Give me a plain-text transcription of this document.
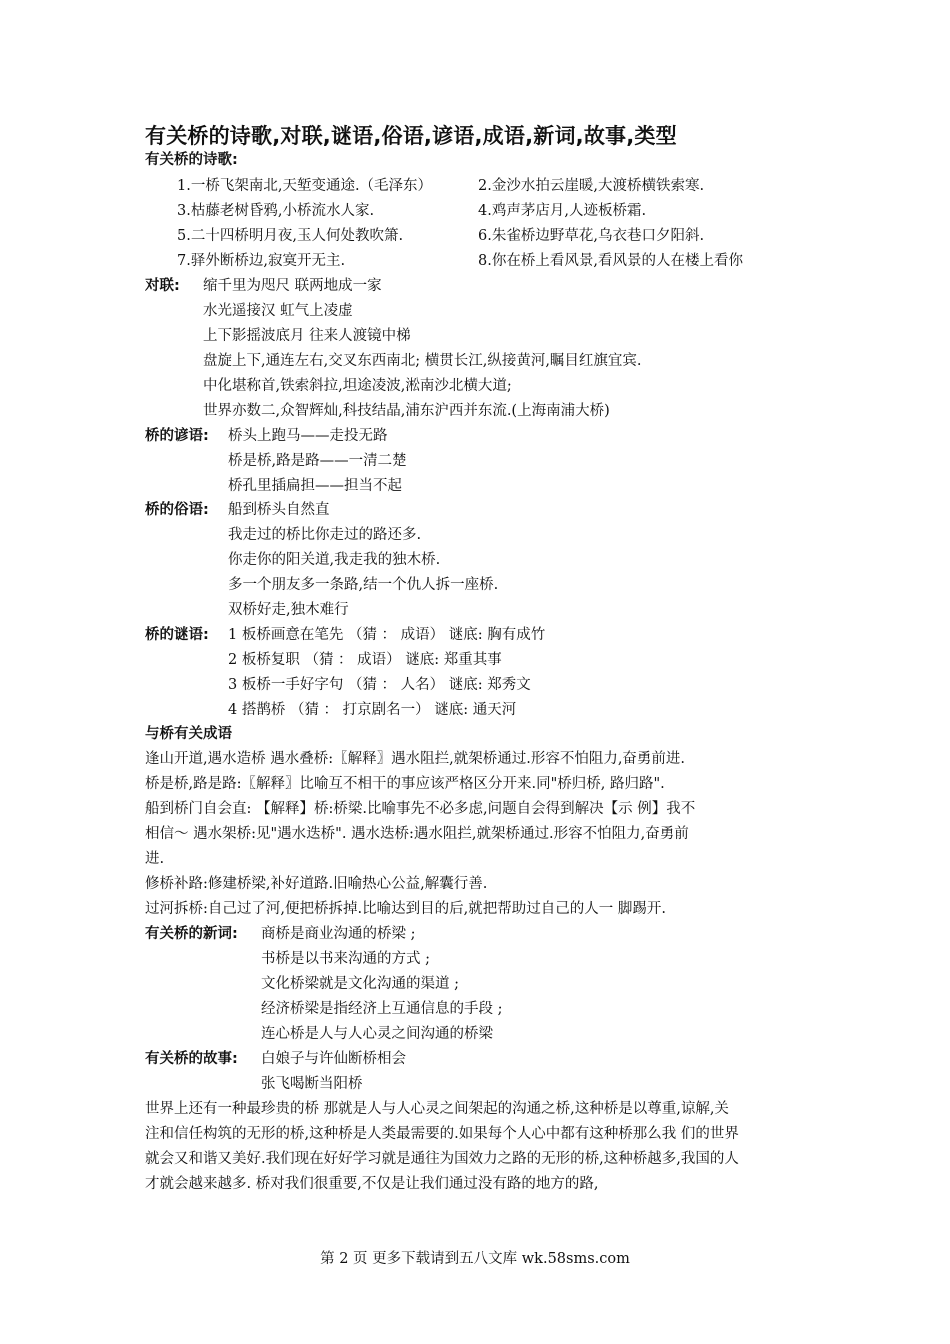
有关桥的诗歌,对联,谜语,俗语,谚语,成语,新词,故事,类型
有关桥的诗歌:
1.一桥飞架南北,天堑变通途.（毛泽东）	2.金沙水拍云崖暖,大渡桥横铁索寒.
3.枯藤老树昏鸦,小桥流水人家.	4.鸡声茅店月,人迹板桥霜.
5.二十四桥明月夜,玉人何处教吹箫.	6.朱雀桥边野草花,乌衣巷口夕阳斜.
7.驿外断桥边,寂寞开无主.	8.你在桥上看风景,看风景的人在楼上看你
对联: 缩千里为咫尺 联两地成一家
水光遥接汉 虹气上凌虚
上下影摇波底月 往来人渡镜中梯
盘旋上下,通连左右,交叉东西南北; 横贯长江,纵接黄河,瞩目红旗宜宾.
中化堪称首,铁索斜拉,坦途凌波,淞南沙北横大道;
世界亦数二,众智辉灿,科技结晶,浦东沪西并东流.(上海南浦大桥)
桥的谚语: 桥头上跑马——走投无路
桥是桥,路是路——一清二楚
桥孔里插扁担——担当不起
桥的俗语: 船到桥头自然直
我走过的桥比你走过的路还多.
你走你的阳关道,我走我的独木桥.
多一个朋友多一条路,结一个仇人拆一座桥.
双桥好走,独木难行
桥的谜语: 1 板桥画意在笔先 （猜 ： 成语） 谜底: 胸有成竹
2 板桥复职 （猜 ： 成语） 谜底: 郑重其事
3 板桥一手好字句 （猜 ： 人名） 谜底: 郑秀文
4 搭鹊桥 （猜 ： 打京剧名一） 谜底: 通天河
与桥有关成语
逢山开道,遇水造桥 遇水叠桥:〖解释〗遇水阻拦,就架桥通过.形容不怕阻力,奋勇前进.
桥是桥,路是路:〖解释〗比喻互不相干的事应该严格区分开来.同"桥归桥, 路归路".
船到桥门自会直: 【解释】桥:桥梁.比喻事先不必多虑,问题自会得到解决【示 例】我不
相信～ 遇水架桥:见"遇水迭桥". 遇水迭桥:遇水阻拦,就架桥通过.形容不怕阻力,奋勇前
进.
修桥补路:修建桥梁,补好道路.旧喻热心公益,解囊行善.
过河拆桥:自己过了河,便把桥拆掉.比喻达到目的后,就把帮助过自己的人一 脚踢开.
有关桥的新词: 商桥是商业沟通的桥梁 ;
书桥是以书来沟通的方式 ;
文化桥梁就是文化沟通的渠道 ;
经济桥梁是指经济上互通信息的手段 ;
连心桥是人与人心灵之间沟通的桥梁
有关桥的故事: 白娘子与许仙断桥相会
张飞喝断当阳桥
世界上还有一种最珍贵的桥 那就是人与人心灵之间架起的沟通之桥,这种桥是以尊重,谅解,关
注和信任构筑的无形的桥,这种桥是人类最需要的.如果每个人心中都有这种桥那么我 们的世界
就会又和谐又美好.我们现在好好学习就是通往为国效力之路的无形的桥,这种桥越多,我国的人
才就会越来越多. 桥对我们很重要,不仅是让我们通过没有路的地方的路,
第 2 页 更多下载请到五八文库 wk.58sms.com
